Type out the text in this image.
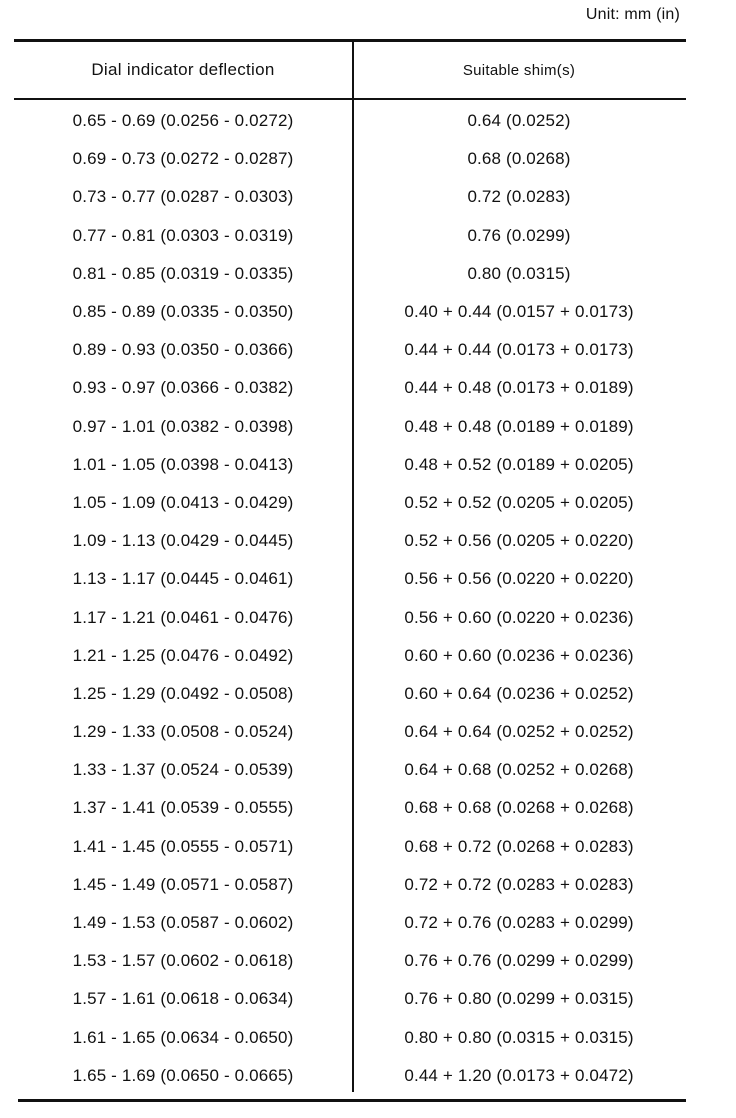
Unit: mm (in)
Dial indicator deflection	Suitable shim(s)
0.65 - 0.69 (0.0256 - 0.0272)	0.64 (0.0252)
0.69 - 0.73 (0.0272 - 0.0287)	0.68 (0.0268)
0.73 - 0.77 (0.0287 - 0.0303)	0.72 (0.0283)
0.77 - 0.81 (0.0303 - 0.0319)	0.76 (0.0299)
0.81 - 0.85 (0.0319 - 0.0335)	0.80 (0.0315)
0.85 - 0.89 (0.0335 - 0.0350)	0.40 + 0.44 (0.0157 + 0.0173)
0.89 - 0.93 (0.0350 - 0.0366)	0.44 + 0.44 (0.0173 + 0.0173)
0.93 - 0.97 (0.0366 - 0.0382)	0.44 + 0.48 (0.0173 + 0.0189)
0.97 - 1.01 (0.0382 - 0.0398)	0.48 + 0.48 (0.0189 + 0.0189)
1.01 - 1.05 (0.0398 - 0.0413)	0.48 + 0.52 (0.0189 + 0.0205)
1.05 - 1.09 (0.0413 - 0.0429)	0.52 + 0.52 (0.0205 + 0.0205)
1.09 - 1.13 (0.0429 - 0.0445)	0.52 + 0.56 (0.0205 + 0.0220)
1.13 - 1.17 (0.0445 - 0.0461)	0.56 + 0.56 (0.0220 + 0.0220)
1.17 - 1.21 (0.0461 - 0.0476)	0.56 + 0.60 (0.0220 + 0.0236)
1.21 - 1.25 (0.0476 - 0.0492)	0.60 + 0.60 (0.0236 + 0.0236)
1.25 - 1.29 (0.0492 - 0.0508)	0.60 + 0.64 (0.0236 + 0.0252)
1.29 - 1.33 (0.0508 - 0.0524)	0.64 + 0.64 (0.0252 + 0.0252)
1.33 - 1.37 (0.0524 - 0.0539)	0.64 + 0.68 (0.0252 + 0.0268)
1.37 - 1.41 (0.0539 - 0.0555)	0.68 + 0.68 (0.0268 + 0.0268)
1.41 - 1.45 (0.0555 - 0.0571)	0.68 + 0.72 (0.0268 + 0.0283)
1.45 - 1.49 (0.0571 - 0.0587)	0.72 + 0.72 (0.0283 + 0.0283)
1.49 - 1.53 (0.0587 - 0.0602)	0.72 + 0.76 (0.0283 + 0.0299)
1.53 - 1.57 (0.0602 - 0.0618)	0.76 + 0.76 (0.0299 + 0.0299)
1.57 - 1.61 (0.0618 - 0.0634)	0.76 + 0.80 (0.0299 + 0.0315)
1.61 - 1.65 (0.0634 - 0.0650)	0.80 + 0.80 (0.0315 + 0.0315)
1.65 - 1.69 (0.0650 - 0.0665)	0.44 + 1.20 (0.0173 + 0.0472)
